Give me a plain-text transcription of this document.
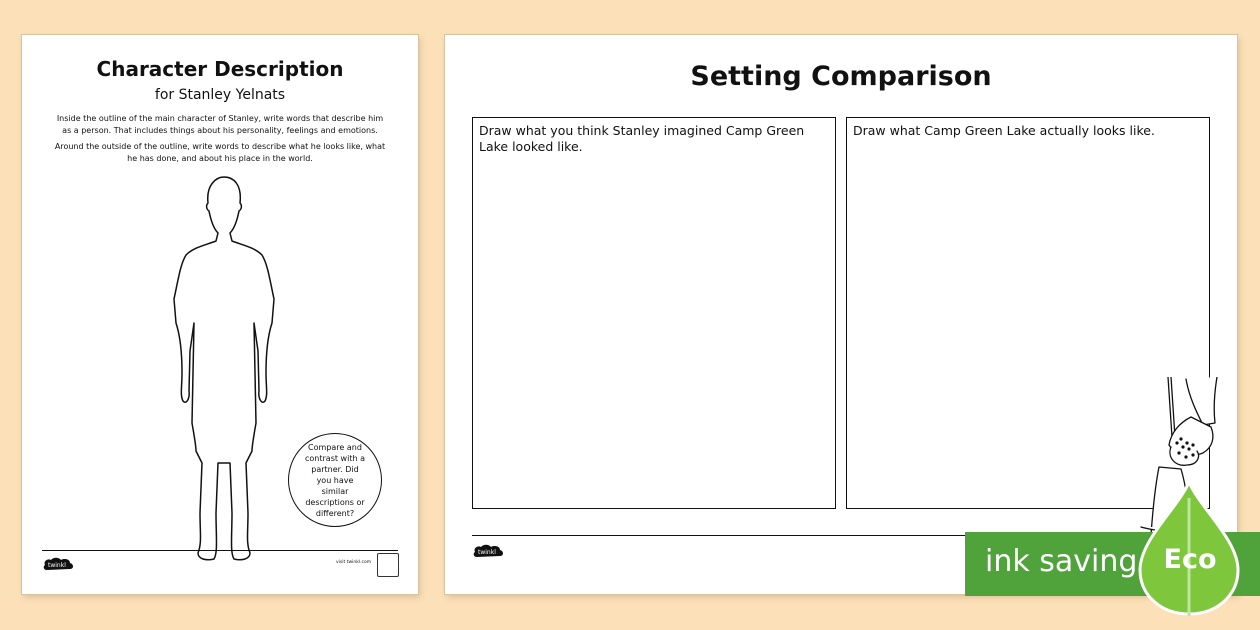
Character Description
for Stanley Yelnats
Inside the outline of the main character of Stanley, write words that describe him as a person. That includes things about his personality, feelings and emotions.
Around the outside of the outline, write words to describe what he looks like, what he has done, and about his place in the world.
Compare and contrast with a partner. Did you have similar descriptions or different?
twinkl	visit twinkl.com
Setting Comparison
Draw what you think Stanley imagined Camp Green Lake looked like.
Draw what Camp Green Lake actually looks like.
twinkl	ink saving Eco
